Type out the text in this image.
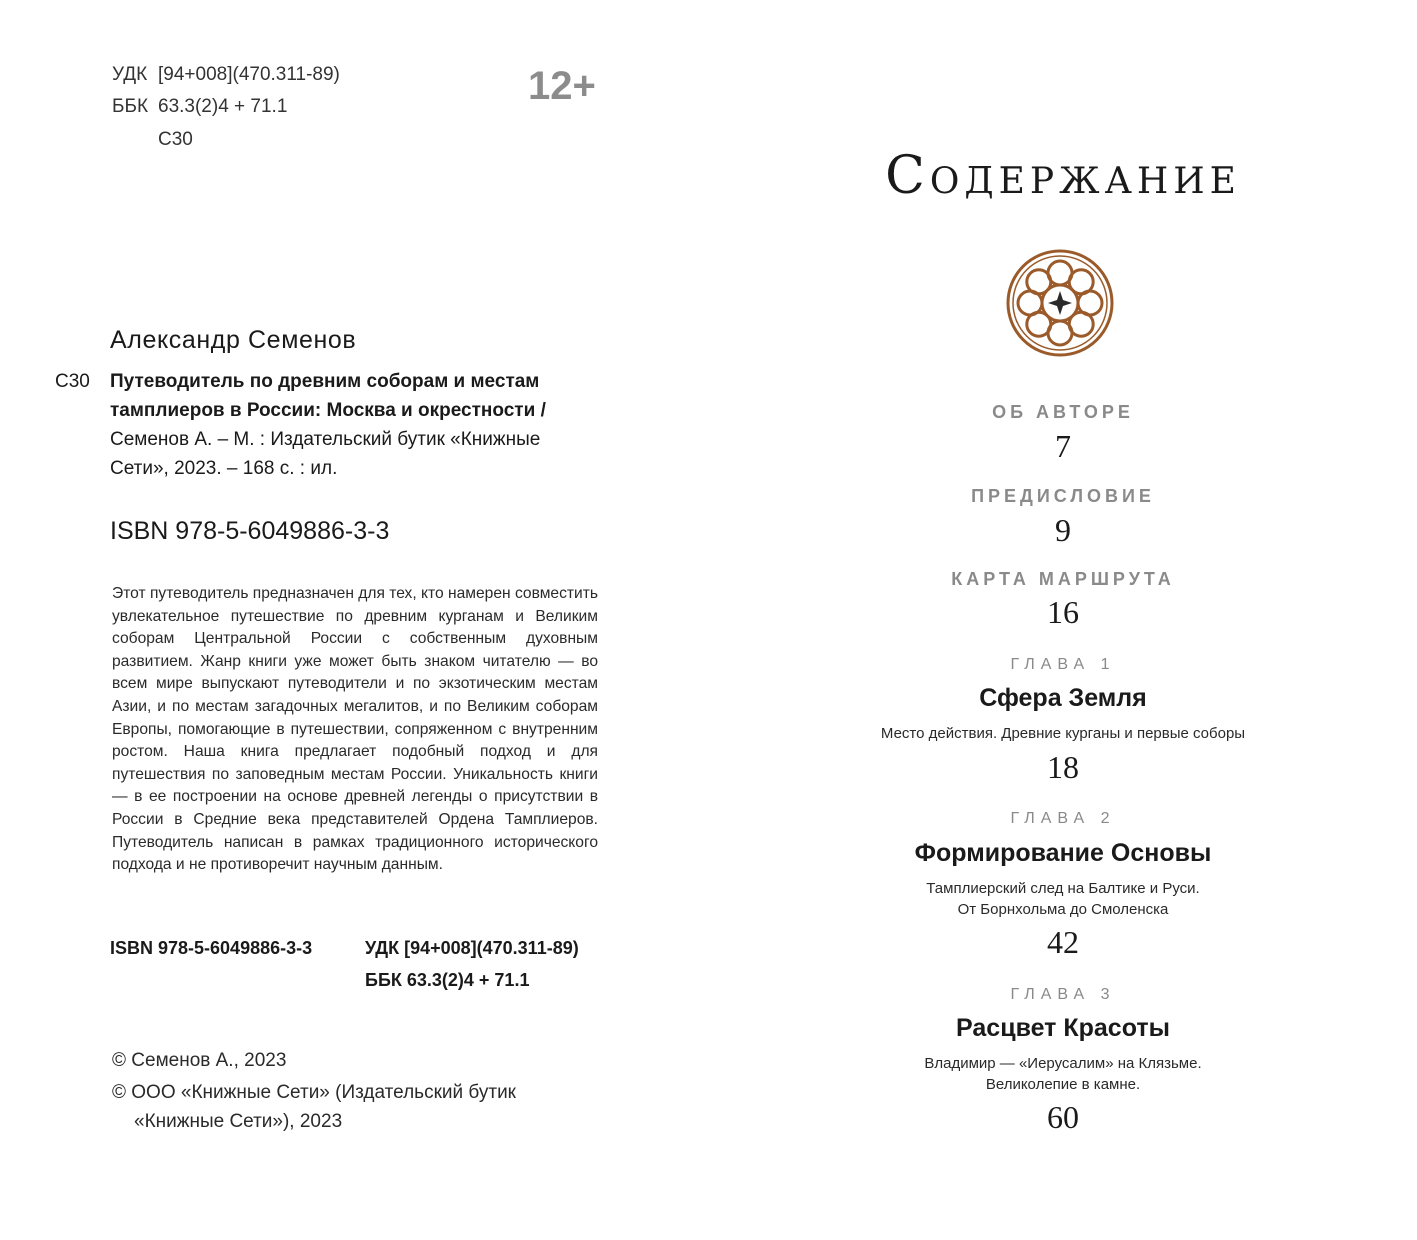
УДК [94+008](470.311-89)
ББК 63.3(2)4 + 71.1
С30
12+
Александр Семенов
С30 Путеводитель по древним соборам и местам
тамплиеров в России: Москва и окрестности /
Семенов А. – М. : Издательский бутик «Книжные
Сети», 2023. – 168 с. : ил.
ISBN 978-5-6049886-3-3

Этот путеводитель предназначен для тех, кто намерен совместить увлекательное путешествие по древним курганам и Великим соборам Центральной России с собственным духовным развитием. Жанр книги уже может быть знаком читателю — во всем мире выпускают путеводители и по экзотическим местам Азии, и по местам загадочных мегалитов, и по Великим соборам Европы, помогающие в путешествии, сопряженном с внутренним ростом. Наша книга предлагает подобный подход и для путешествия по заповедным местам России. Уникальность книги — в ее построении на основе древней легенды о присутствии в России в Средние века представителей Ордена Тамплиеров. Путеводитель написан в рамках традиционного исторического подхода и не противоречит научным данным.

ISBN 978-5-6049886-3-3	УДК [94+008](470.311-89)
ББК 63.3(2)4 + 71.1
© Семенов А., 2023
© ООО «Книжные Сети» (Издательский бутик
«Книжные Сети»), 2023
Содержание
ОБ АВТОРЕ
7
ПРЕДИСЛОВИЕ
9
КАРТА МАРШРУТА
16
ГЛАВА 1
Сфера Земля
Место действия. Древние курганы и первые соборы
18
ГЛАВА 2
Формирование Основы
Тамплиерский след на Балтике и Руси.
От Борнхольма до Смоленска
42
ГЛАВА 3
Расцвет Красоты
Владимир — «Иерусалим» на Клязьме.
Великолепие в камне.
60
